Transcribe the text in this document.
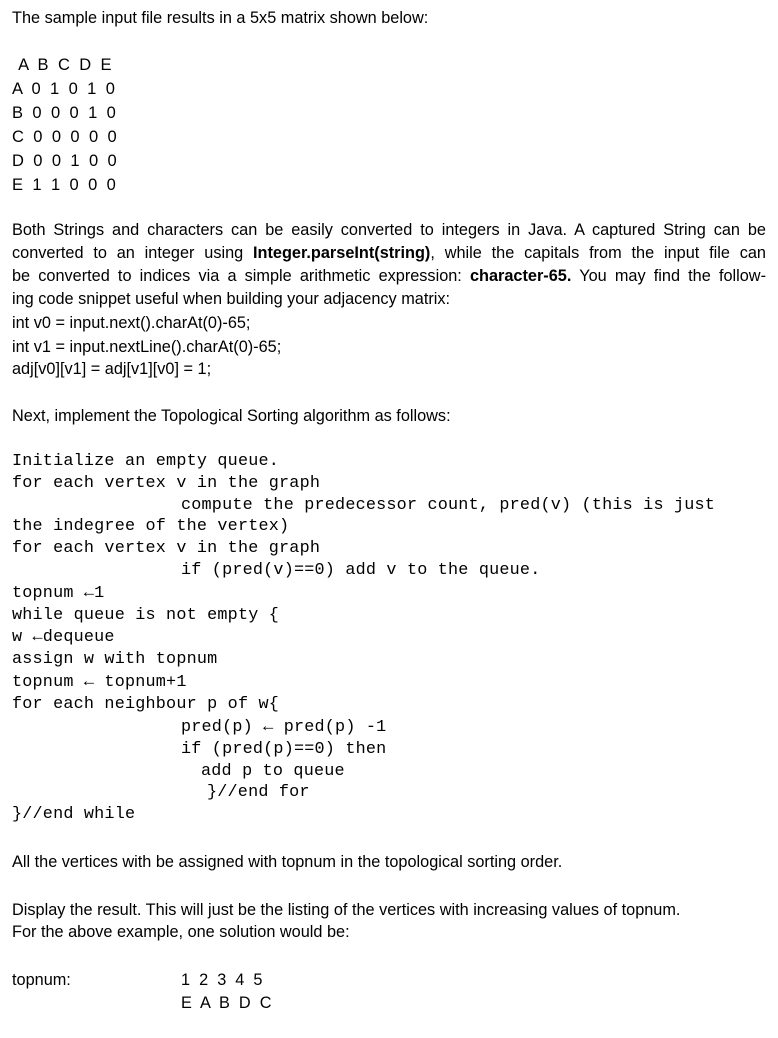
The sample input file results in a 5x5 matrix shown below:
A B C D E
A 0 1 0 1 0
B 0 0 0 1 0
C 0 0 0 0 0
D 0 0 1 0 0
E 1 1 0 0 0
Both Strings and characters can be easily converted to integers in Java. A captured String can be
converted to an integer using Integer.parseInt(string), while the capitals from the input file can
be converted to indices via a simple arithmetic expression: character-65. You may find the follow-
ing code snippet useful when building your adjacency matrix:
int v0 = input.next().charAt(0)-65;
int v1 = input.nextLine().charAt(0)-65;
adj[v0][v1] = adj[v1][v0] = 1;
Next, implement the Topological Sorting algorithm as follows:
Initialize an empty queue.
for each vertex v in the graph
compute the predecessor count, pred(v) (this is just
the indegree of the vertex)
for each vertex v in the graph
if (pred(v)==0) add v to the queue.
topnum ←1
while queue is not empty {
w ←dequeue
assign w with topnum
topnum ← topnum+1
for each neighbour p of w{
pred(p) ← pred(p) -1
if (pred(p)==0) then
add p to queue
}//end for
}//end while
All the vertices with be assigned with topnum in the topological sorting order.
Display the result. This will just be the listing of the vertices with increasing values of topnum.
For the above example, one solution would be:
topnum:	1  2  3  4  5
E  A  B  D  C
